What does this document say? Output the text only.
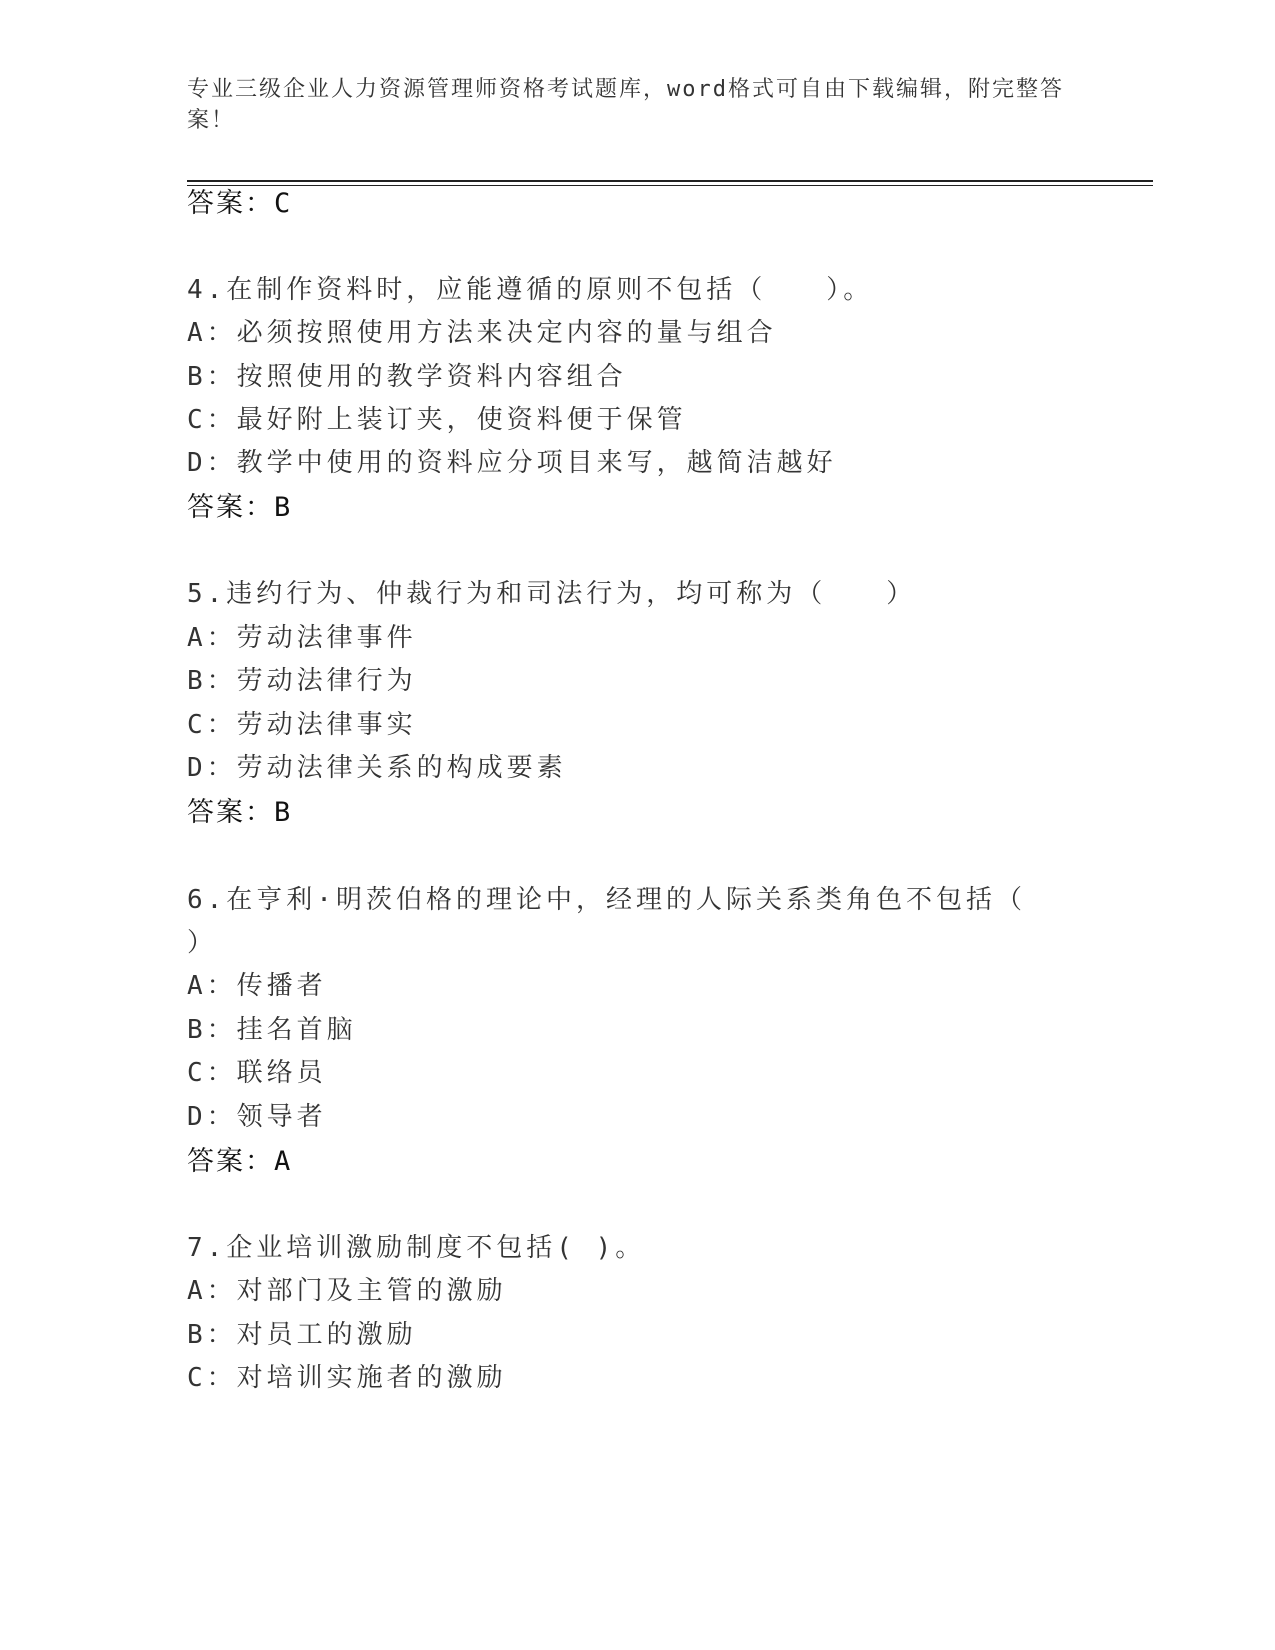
专业三级企业人力资源管理师资格考试题库，word格式可自由下载编辑，附完整答案！
答案：C
4.在制作资料时，应能遵循的原则不包括（　　）。
A：必须按照使用方法来决定内容的量与组合
B：按照使用的教学资料内容组合
C：最好附上装订夹，使资料便于保管
D：教学中使用的资料应分项目来写，越简洁越好
答案：B
5.违约行为、仲裁行为和司法行为，均可称为（　　）
A：劳动法律事件
B：劳动法律行为
C：劳动法律事实
D：劳动法律关系的构成要素
答案：B
6.在亨利·明茨伯格的理论中，经理的人际关系类角色不包括（
）
A：传播者
B：挂名首脑
C：联络员
D：领导者
答案：A
7.企业培训激励制度不包括( )。
A：对部门及主管的激励
B：对员工的激励
C：对培训实施者的激励
